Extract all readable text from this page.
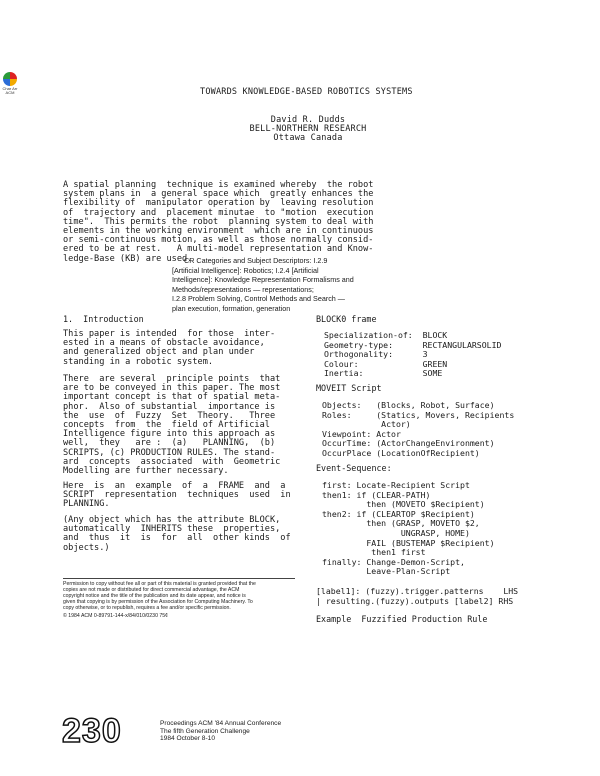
Char Arr ACM	TOWARDS KNOWLEDGE-BASED ROBOTICS SYSTEMS
David R. Dudds
BELL-NORTHERN RESEARCH
Ottawa Canada
A spatial planning  technique is examined whereby  the robot
system plans in  a general space which  greatly enhances the
flexibility of  manipulator operation by  leaving resolution
of  trajectory and  placement minutae  to "motion  execution
time".  This permits the robot  planning system to deal with
elements in the working environment  which are in continuous
or semi-continuous motion, as well as those normally consid-
ered to be at rest.   A multi-model representation and Know-
ledge-Base (KB) are used.
CR Categories and Subject Descriptors: I.2.9
[Artificial Intelligence]: Robotics; I.2.4 [Artificial
Intelligence]: Knowledge Representation Formalisms and
Methods/representations — representations;
I.2.8 Problem Solving, Control Methods and Search —
plan execution, formation, generation
1.  Introduction
This paper is intended  for those  inter-
ested in a means of obstacle avoidance,
and generalized object and plan under
standing in a robotic system.
There  are several  principle points  that
are to be conveyed in this paper. The most
important concept is that of spatial meta-
phor.  Also of substantial  importance is
the  use  of  Fuzzy  Set  Theory.   Three
concepts  from  the  field of Artificial
Intelligence figure into this approach as
well,  they   are :  (a)   PLANNING,  (b)
SCRIPTS, (c) PRODUCTION RULES. The stand-
ard  concepts  associated  with  Geometric
Modelling are further necessary.
Here  is  an  example  of  a  FRAME  and  a
SCRIPT  representation  techniques  used  in
PLANNING.
(Any object which has the attribute BLOCK,
automatically  INHERITS these  properties,
and  thus  it  is  for  all  other kinds  of
objects.)
Permission to copy without fee all or part of this material is granted provided that the
copies are not made or distributed for direct commercial advantage, the ACM
copyright notice and the title of the publication and its date appear, and notice is
given that copying is by permission of the Association for Computing Machinery. To
copy otherwise, or to republish, requires a fee and/or specific permission.
© 1984 ACM 0-89791-144-x/84/010/0230 75¢
BLOCK0 frame
Specialization-of:  BLOCK
Geometry-type:      RECTANGULARSOLID
Orthogonality:      3
Colour:             GREEN
Inertia:            SOME
MOVEIT Script
Objects:   (Blocks, Robot, Surface)
Roles:     (Statics, Movers, Recipients
Actor)
Viewpoint: Actor
OccurTime: (ActorChangeEnvironment)
OccurPlace (LocationOfRecipient)
Event-Sequence:
first: Locate-Recipient Script
then1: if (CLEAR-PATH)
then (MOVETO $Recipient)
then2: if (CLEARTOP $Recipient)
then (GRASP, MOVETO $2,
UNGRASP, HOME)
FAIL (BUSTEMAP $Recipient)
then1 first
finally: Change-Demon-Script,
Leave-Plan-Script
[label1]: (fuzzy).trigger.patterns    LHS
| resulting.(fuzzy).outputs [label2] RHS
Example  Fuzzified Production Rule
230	Proceedings ACM '84 Annual Conference
The fifth Generation Challenge
1984 October 8-10
